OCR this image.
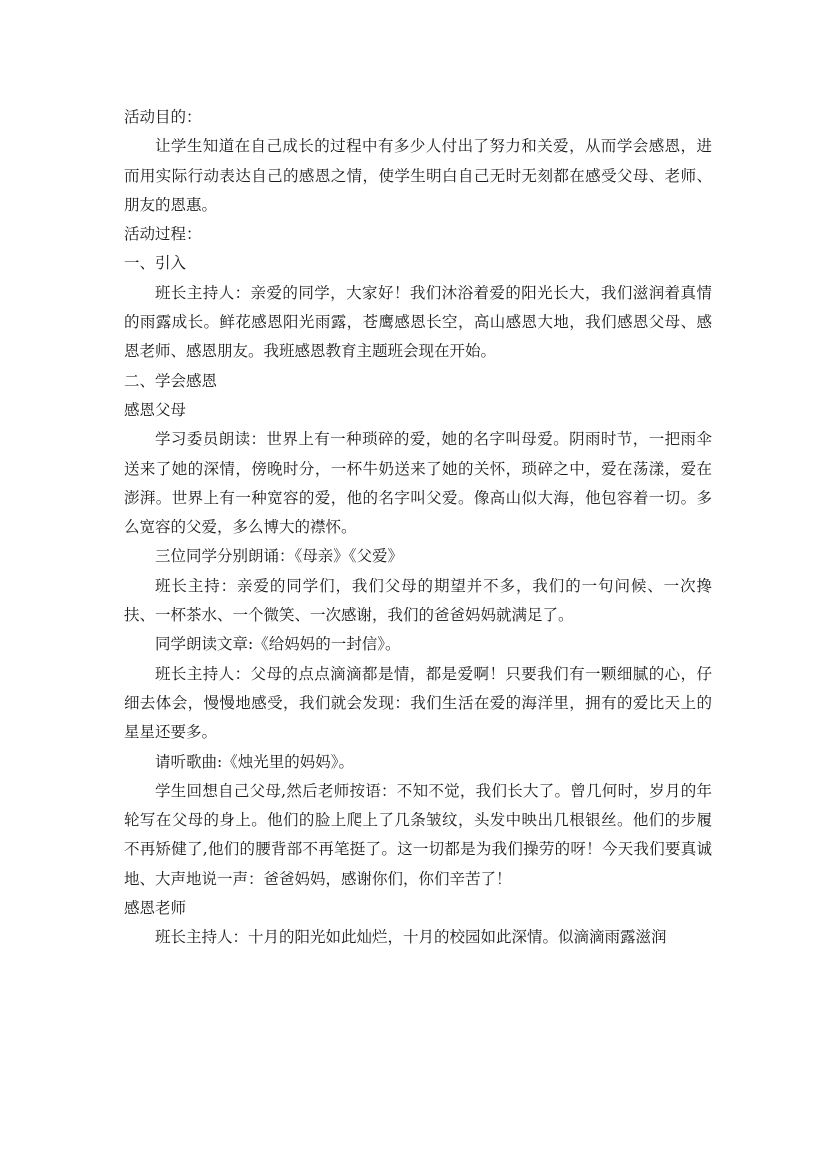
活动目的：

让学生知道在自己成长的过程中有多少人付出了努力和关爱，从而学会感恩，进而用实际行动表达自己的感恩之情，使学生明白自己无时无刻都在感受父母、老师、朋友的恩惠。

活动过程：

一、引入

班长主持人：亲爱的同学，大家好！我们沐浴着爱的阳光长大，我们滋润着真情的雨露成长。鲜花感恩阳光雨露，苍鹰感恩长空，高山感恩大地，我们感恩父母、感恩老师、感恩朋友。我班感恩教育主题班会现在开始。

二、学会感恩

感恩父母

学习委员朗读：世界上有一种琐碎的爱，她的名字叫母爱。阴雨时节，一把雨伞送来了她的深情，傍晚时分，一杯牛奶送来了她的关怀，琐碎之中，爱在荡漾，爱在澎湃。世界上有一种宽容的爱，他的名字叫父爱。像高山似大海，他包容着一切。多么宽容的父爱，多么博大的襟怀。

三位同学分别朗诵：《母亲》《父爱》

班长主持：亲爱的同学们，我们父母的期望并不多，我们的一句问候、一次搀扶、一杯茶水、一个微笑、一次感谢，我们的爸爸妈妈就满足了。

同学朗读文章:《给妈妈的一封信》。

班长主持人：父母的点点滴滴都是情，都是爱啊！只要我们有一颗细腻的心，仔细去体会，慢慢地感受，我们就会发现：我们生活在爱的海洋里，拥有的爱比天上的星星还要多。

请听歌曲:《烛光里的妈妈》。

学生回想自己父母,然后老师按语：不知不觉，我们长大了。曾几何时，岁月的年轮写在父母的身上。他们的脸上爬上了几条皱纹，头发中映出几根银丝。他们的步履不再矫健了,他们的腰背部不再笔挺了。这一切都是为我们操劳的呀！今天我们要真诚地、大声地说一声：爸爸妈妈，感谢你们，你们辛苦了！

感恩老师

班长主持人：十月的阳光如此灿烂，十月的校园如此深情。似滴滴雨露滋润
